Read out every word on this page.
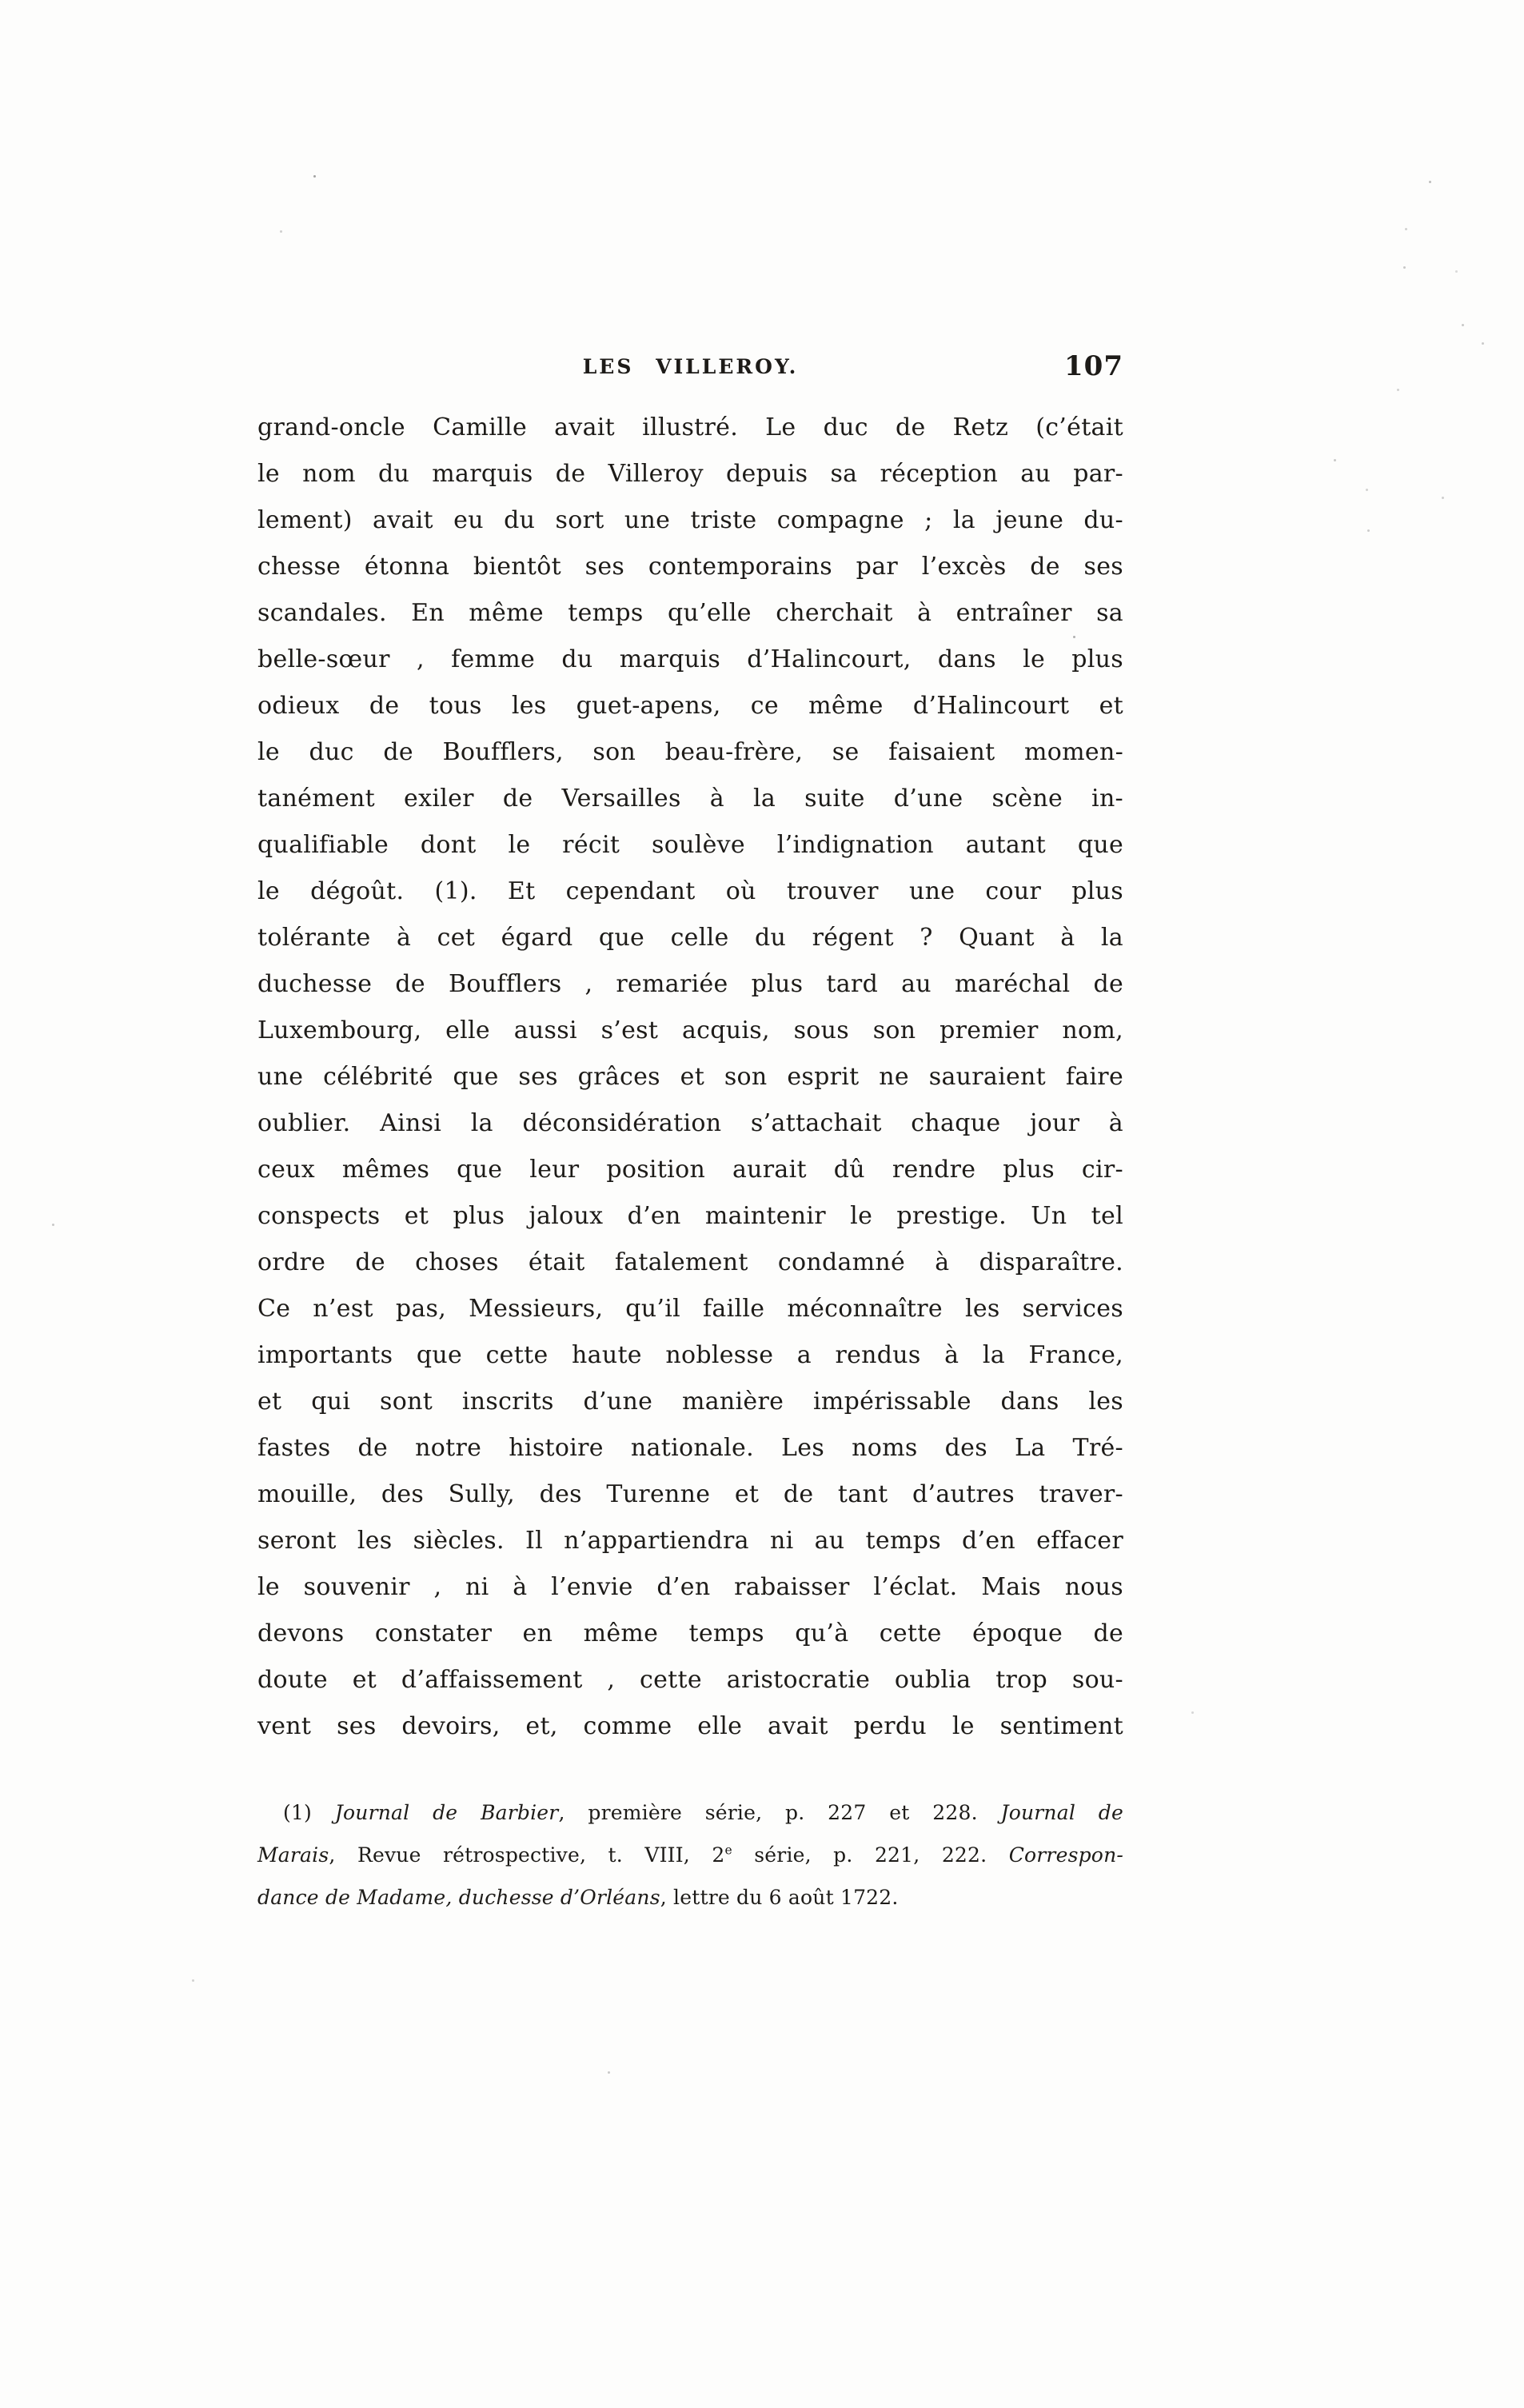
LES VILLEROY.	107
grand-oncle Camille avait illustré. Le duc de Retz (c’était
le nom du marquis de Villeroy depuis sa réception au par-
lement) avait eu du sort une triste compagne ; la jeune du-
chesse étonna bientôt ses contemporains par l’excès de ses
scandales. En même temps qu’elle cherchait à entraîner sa
belle-sœur , femme du marquis d’Halincourt, dans le plus
odieux de tous les guet-apens, ce même d’Halincourt et
le duc de Boufflers, son beau-frère, se faisaient momen-
tanément exiler de Versailles à la suite d’une scène in-
qualifiable dont le récit soulève l’indignation autant que
le dégoût. (1). Et cependant où trouver une cour plus
tolérante à cet égard que celle du régent ? Quant à la
duchesse de Boufflers , remariée plus tard au maréchal de
Luxembourg, elle aussi s’est acquis, sous son premier nom,
une célébrité que ses grâces et son esprit ne sauraient faire
oublier. Ainsi la déconsidération s’attachait chaque jour à
ceux mêmes que leur position aurait dû rendre plus cir-
conspects et plus jaloux d’en maintenir le prestige. Un tel
ordre de choses était fatalement condamné à disparaître.
Ce n’est pas, Messieurs, qu’il faille méconnaître les services
importants que cette haute noblesse a rendus à la France,
et qui sont inscrits d’une manière impérissable dans les
fastes de notre histoire nationale. Les noms des La Tré-
mouille, des Sully, des Turenne et de tant d’autres traver-
seront les siècles. Il n’appartiendra ni au temps d’en effacer
le souvenir , ni à l’envie d’en rabaisser l’éclat. Mais nous
devons constater en même temps qu’à cette époque de
doute et d’affaissement , cette aristocratie oublia trop sou-
vent ses devoirs, et, comme elle avait perdu le sentiment
(1) Journal de Barbier, première série, p. 227 et 228. Journal de
Marais, Revue rétrospective, t. VIII, 2e série, p. 221, 222. Correspon-
dance de Madame, duchesse d’Orléans, lettre du 6 août 1722.
